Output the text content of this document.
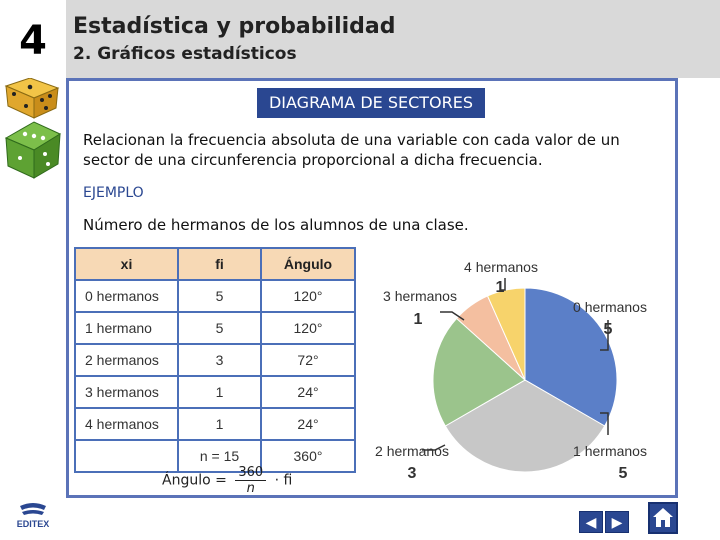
4	Estadística y probabilidad
2. Gráficos estadísticos
DIAGRAMA DE SECTORES
Relacionan la frecuencia absoluta de una variable con cada valor de un sector de una circunferencia proporcional a dicha frecuencia.
EJEMPLO
Número de hermanos de los alumnos de una clase.
xi	fi	Ángulo
0 hermanos	5	120°
1 hermano	5	120°
2 hermanos	3	72°
3 hermanos	1	24°
4 hermanos	1	24°
	n = 15	360°
Ángulo = $\frac{360}{n}$ · fi
0 hermanos
5
1 hermanos
5
2 hermanos
3
3 hermanos
1
4 hermanos
1
EDITEX	◀ ▶
